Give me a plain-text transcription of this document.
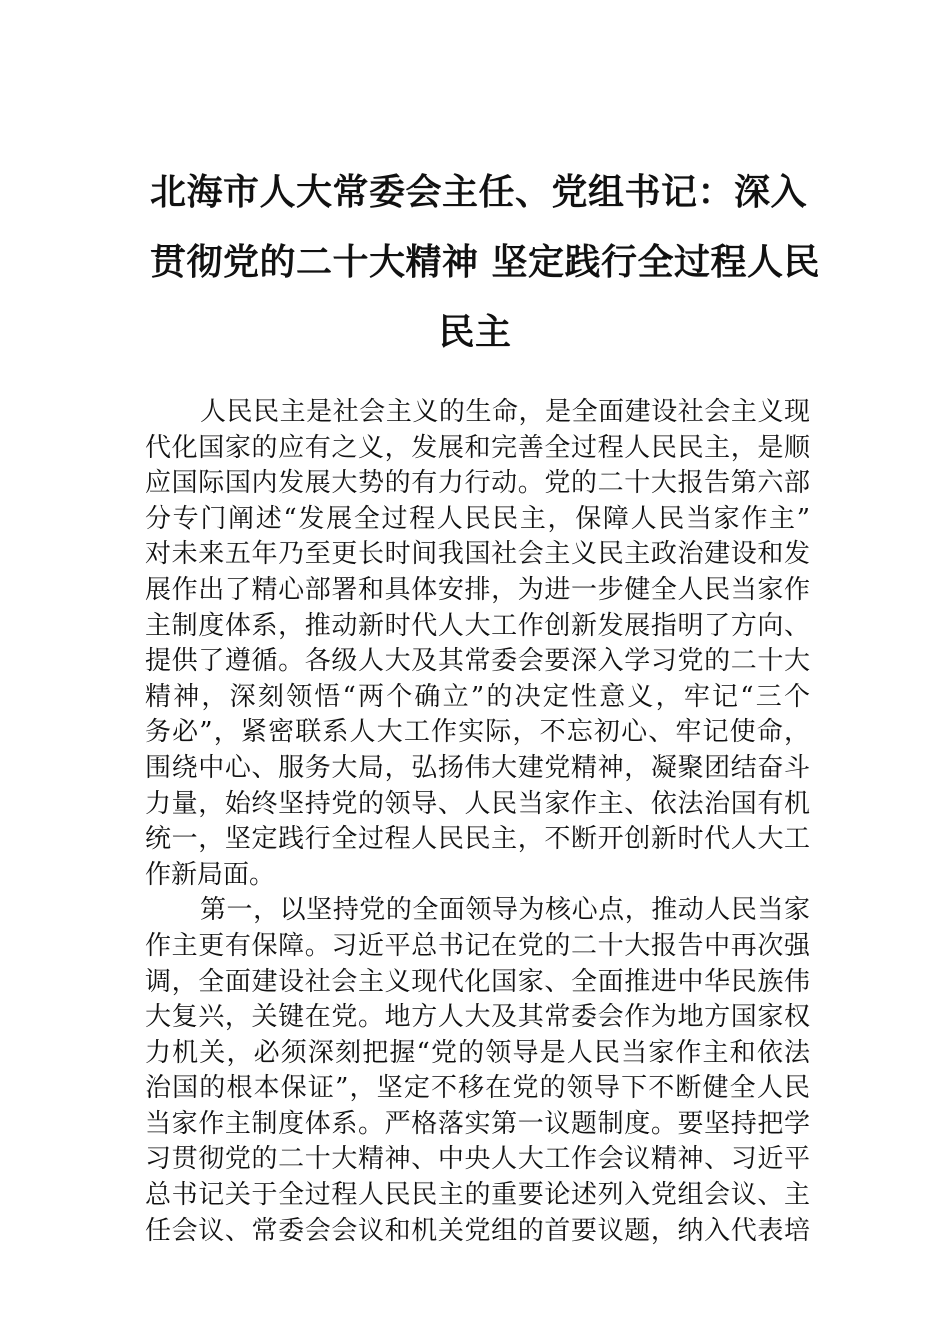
北海市人大常委会主任、党组书记：深入
贯彻党的二十大精神 坚定践行全过程人民
民主
人民民主是社会主义的生命，是全面建设社会主义现
代化国家的应有之义，发展和完善全过程人民民主，是顺
应国际国内发展大势的有力行动。党的二十大报告第六部
分专门阐述“发展全过程人民民主，保障人民当家作主”
对未来五年乃至更长时间我国社会主义民主政治建设和发
展作出了精心部署和具体安排，为进一步健全人民当家作
主制度体系，推动新时代人大工作创新发展指明了方向、
提供了遵循。各级人大及其常委会要深入学习党的二十大
精神，深刻领悟“两个确立”的决定性意义，牢记“三个
务必”，紧密联系人大工作实际，不忘初心、牢记使命，
围绕中心、服务大局，弘扬伟大建党精神，凝聚团结奋斗
力量，始终坚持党的领导、人民当家作主、依法治国有机
统一，坚定践行全过程人民民主，不断开创新时代人大工
作新局面。
第一，以坚持党的全面领导为核心点，推动人民当家
作主更有保障。习近平总书记在党的二十大报告中再次强
调，全面建设社会主义现代化国家、全面推进中华民族伟
大复兴，关键在党。地方人大及其常委会作为地方国家权
力机关，必须深刻把握“党的领导是人民当家作主和依法
治国的根本保证”，坚定不移在党的领导下不断健全人民
当家作主制度体系。严格落实第一议题制度。要坚持把学
习贯彻党的二十大精神、中央人大工作会议精神、习近平
总书记关于全过程人民民主的重要论述列入党组会议、主
任会议、常委会会议和机关党组的首要议题，纳入代表培
